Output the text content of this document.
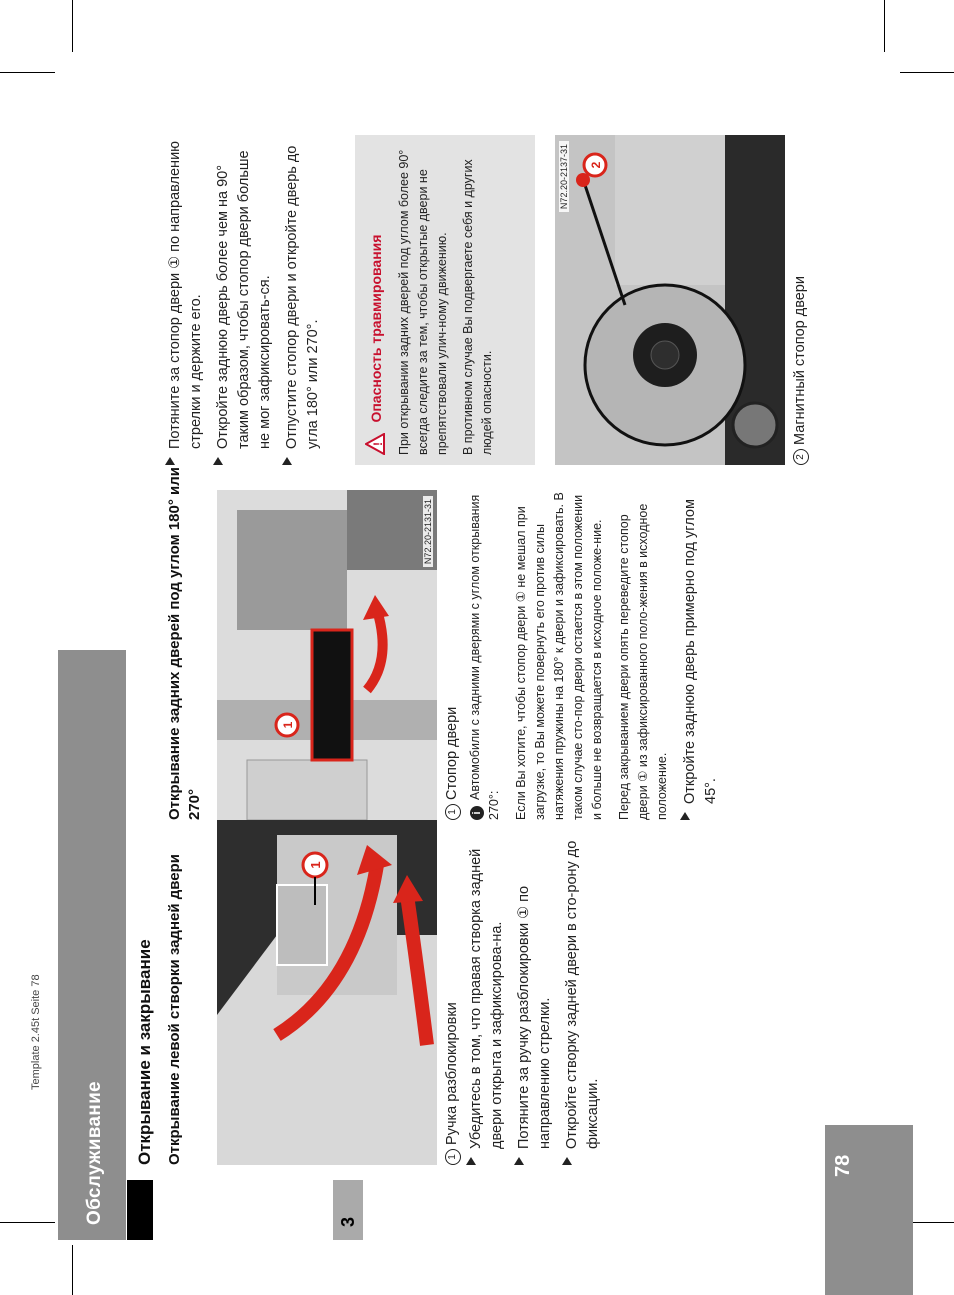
Template 2.45t Seite 78
Обслуживание	78
3
Открывание и закрывание Открывание левой створки задней двери	1
1 Ручка разблокировки Убедитесь в том, что правая створка задней двери открыта и зафиксирова-на. Потяните за ручку разблокировки ① по направлению стрелки. Откройте створку задней двери в сто-рону до фиксации.
Открывание задних дверей под углом 180° или 270°
1
N72.20-2131-31
1 Стопор двери
iАвтомобили с задними дверями с углом открывания 270°: Если Вы хотите, чтобы стопор двери ① не мешал при загрузке, то Вы можете повернуть его против силы натяжения пружины на 180° к двери и зафиксировать. В таком случае сто-пор двери остается в этом положении и больше не возвращается в исходное положе-ние. Перед закрыванием двери опять переведите стопор двери ① из зафиксированного поло-жения в исходное положение. Откройте заднюю дверь примерно под углом 45°.
Потяните за стопор двери ① по направлению стрелки и держите его. Откройте заднюю дверь более чем на 90° таким образом, чтобы стопор двери больше не мог зафиксировать-ся. Отпустите стопор двери и откройте дверь до угла 180° или 270°.	!
Опасность травмирования При открывании задних дверей под углом более 90° всегда следите за тем, чтобы открытые двери не препятствовали улич-ному движению. В противном случае Вы подвергаете себя и других людей опасности.
2
N72.20-2137-31
2 Магнитный стопор двери
